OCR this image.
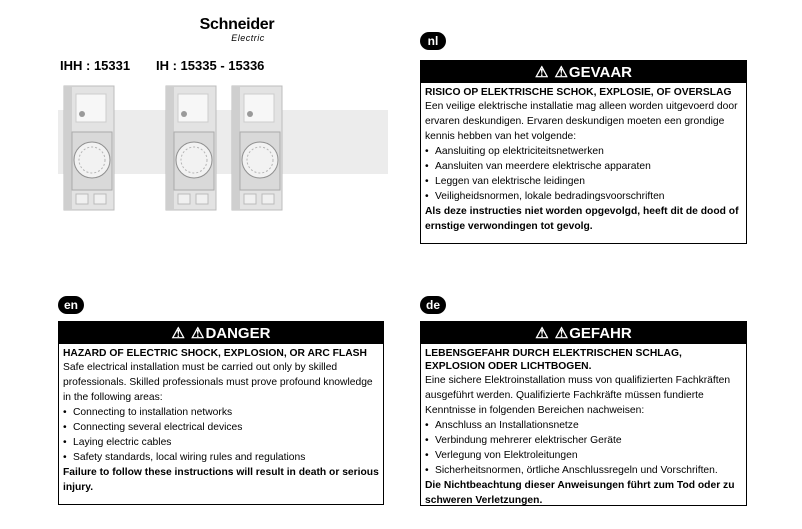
Schneider
Electric
IHH : 15331 IH : 15335 - 15336
nl
⚠ ⚠ GEVAAR
RISICO OP ELEKTRISCHE SCHOK, EXPLOSIE, OF OVERSLAG
Een veilige elektrische installatie mag alleen worden uitgevoerd door ervaren deskundigen. Ervaren deskundigen moeten een grondige kennis hebben van het volgende:
• Aansluiting op elektriciteitsnetwerken
• Aansluiten van meerdere elektrische apparaten
• Leggen van elektrische leidingen
• Veiligheidsnormen, lokale bedradingsvoorschriften
Als deze instructies niet worden opgevolgd, heeft dit de dood of ernstige verwondingen tot gevolg.
en
⚠ ⚠ DANGER
HAZARD OF ELECTRIC SHOCK, EXPLOSION, OR ARC FLASH
Safe electrical installation must be carried out only by skilled professionals. Skilled professionals must prove profound knowledge in the following areas:
• Connecting to installation networks
• Connecting several electrical devices
• Laying electric cables
• Safety standards, local wiring rules and regulations
Failure to follow these instructions will result in death or serious injury.
de
⚠ ⚠ GEFAHR
LEBENSGEFAHR DURCH ELEKTRISCHEN SCHLAG, EXPLOSION ODER LICHTBOGEN.
Eine sichere Elektroinstallation muss von qualifizierten Fachkräften ausgeführt werden. Qualifizierte Fachkräfte müssen fundierte Kenntnisse in folgenden Bereichen nachweisen:
• Anschluss an Installationsnetze
• Verbindung mehrerer elektrischer Geräte
• Verlegung von Elektroleitungen
• Sicherheitsnormen, örtliche Anschlussregeln und Vorschriften.
Die Nichtbeachtung dieser Anweisungen führt zum Tod oder zu schweren Verletzungen.
